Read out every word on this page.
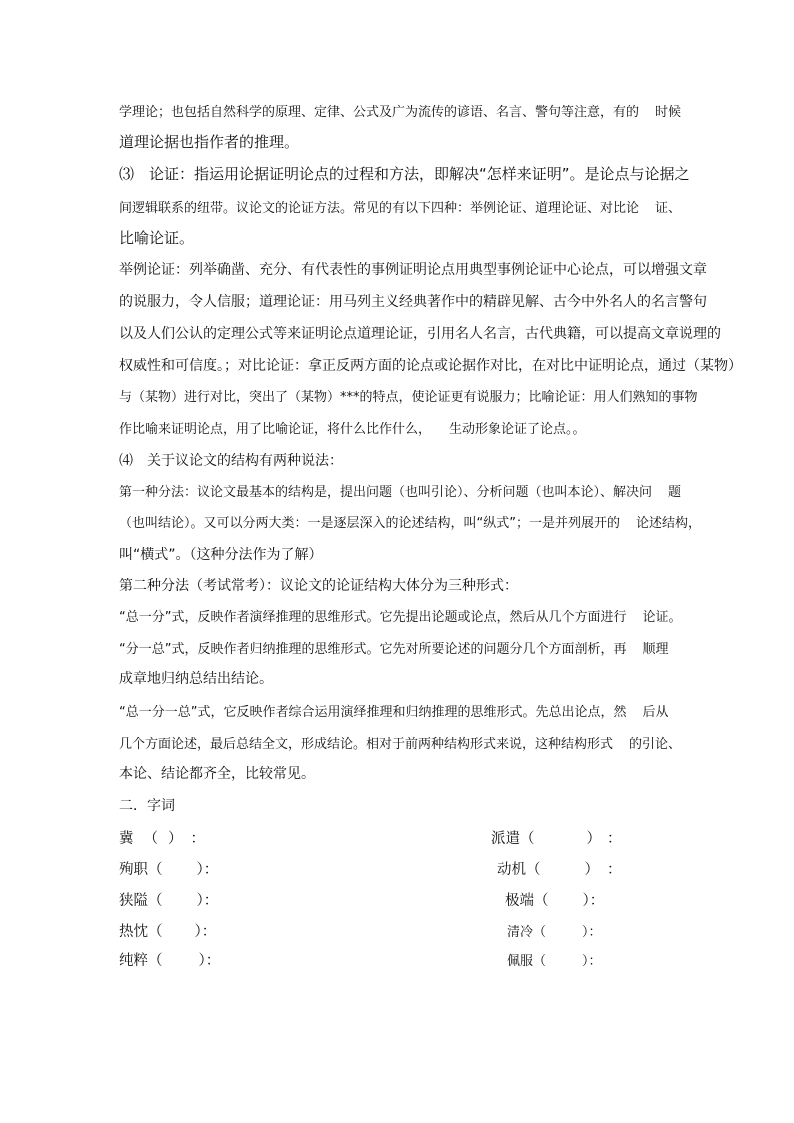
学理论；也包括自然科学的原理、定律、公式及广为流传的谚语、名言、警句等注意，有的 时候
道理论据也指作者的推理。
⑶　论证：指运用论据证明论点的过程和方法，即解决“怎样来证明”。是论点与论据之
间逻辑联系的纽带。议论文的论证方法。常见的有以下四种：举例论证、道理论证、对比论 证、
比喻论证。
举例论证：列举确凿、充分、有代表性的事例证明论点用典型事例论证中心论点，可以增强文章
的说服力，令人信服；道理论证：用马列主义经典著作中的精辟见解、古今中外名人的名言警句
以及人们公认的定理公式等来证明论点道理论证，引用名人名言，古代典籍，可以提高文章说理的
权威性和可信度。；对比论证：拿正反两方面的论点或论据作对比，在对比中证明论点，通过（某物）
与（某物）进行对比，突出了（某物）***的特点，使论证更有说服力；比喻论证：用人们熟知的事物
作比喻来证明论点，用了比喻论证，将什么比作什么， 生动形象论证了论点。。
⑷　关于议论文的结构有两种说法：
第一种分法：议论文最基本的结构是，提出问题（也叫引论）、分析问题（也叫本论）、解决问 题
（也叫结论）。又可以分两大类：一是逐层深入的论述结构，叫“纵式”；一是并列展开的 论述结构，
叫“横式”。（这种分法作为了解）
第二种分法（考试常考）：议论文的论证结构大体分为三种形式：
“总一分”式，反映作者演绎推理的思维形式。它先提出论题或论点，然后从几个方面进行 论证。
“分一总”式，反映作者归纳推理的思维形式。它先对所要论述的问题分几个方面剖析，再 顺理
成章地归纳总结出结论。
“总一分一总”式，它反映作者综合运用演绎推理和归纳推理的思维形式。先总出论点，然 后从
几个方面论述，最后总结全文，形成结论。相对于前两种结构形式来说，这种结构形式 的引论、
本论、结论都齐全，比较常见。
二．字词
冀 （ ） ：	派遣（	） ：
殉职（ ）：	动机（	） ：
狭隘（ ）：	极端（ ）：
热忱（ ）：	清冷（	）：
纯粹（ ）：	佩服（	）：
